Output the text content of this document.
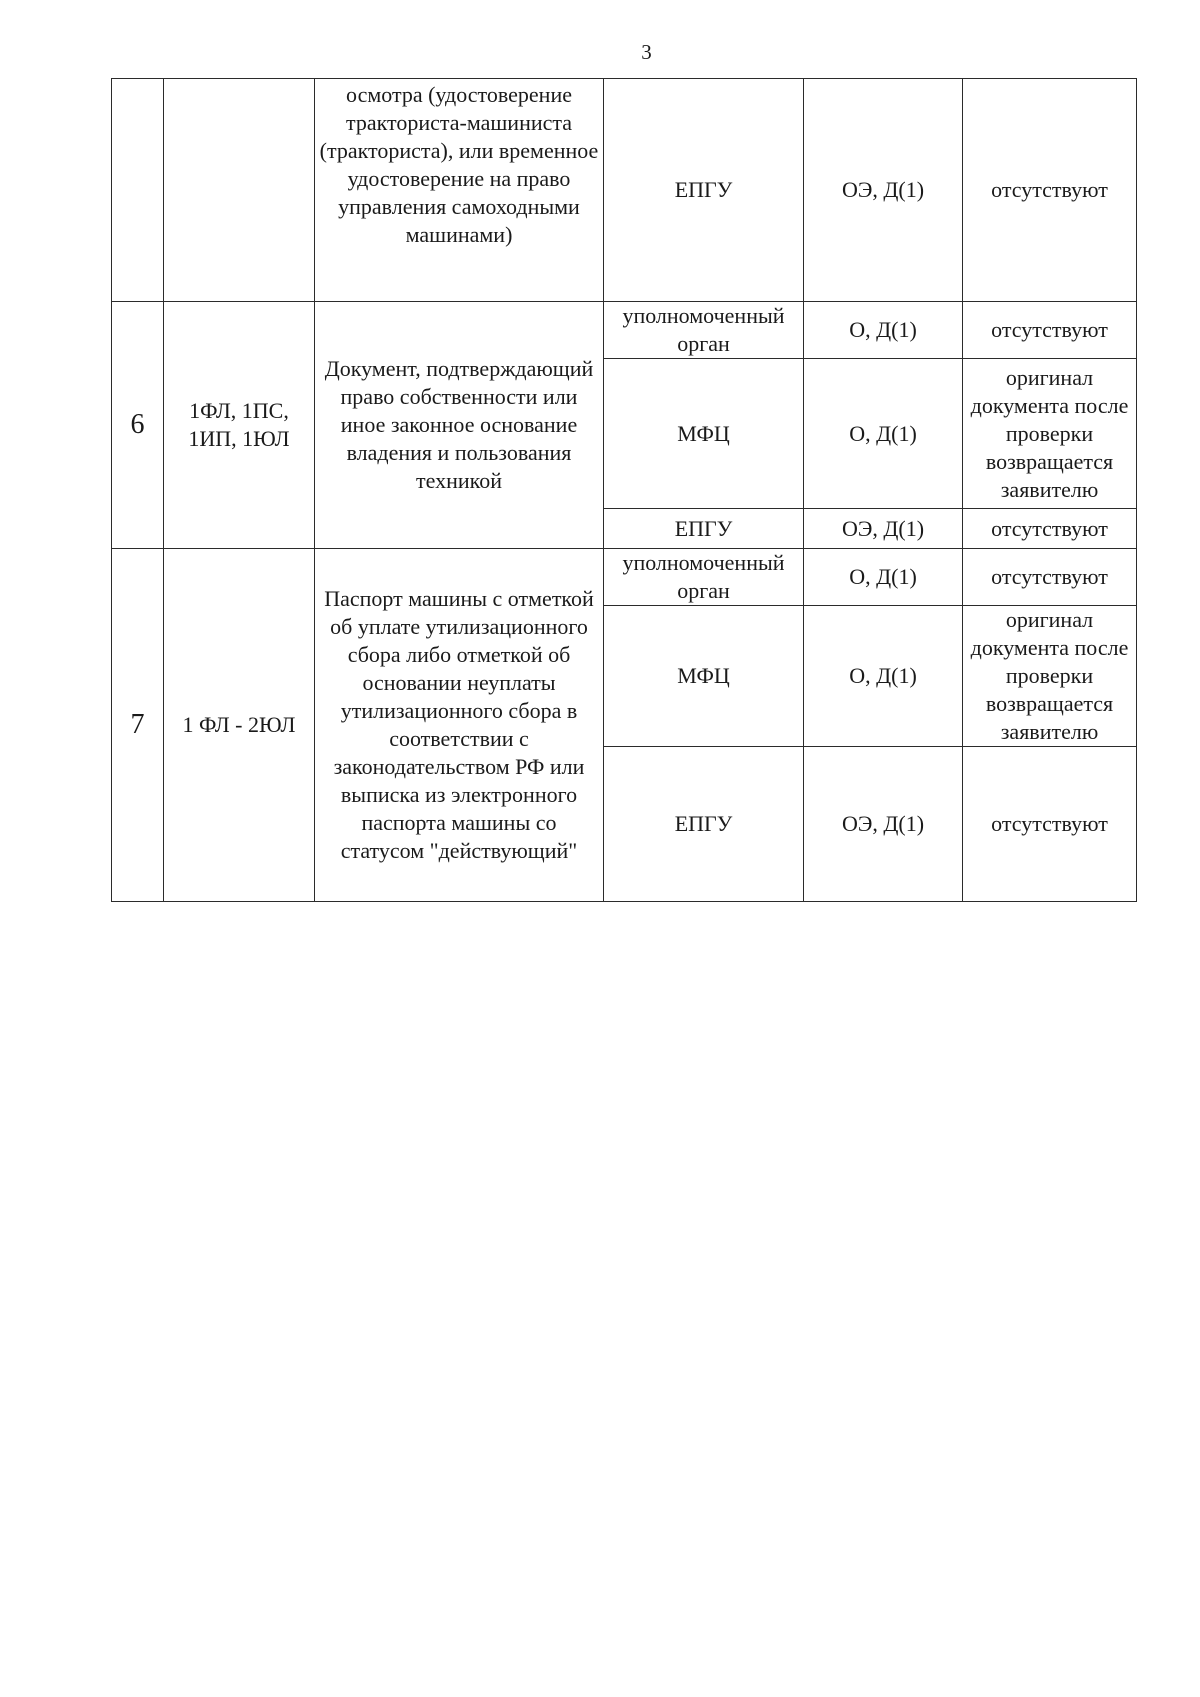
3
		осмотра (удостоверение тракториста-машиниста (тракториста), или временное удостоверение на право управления самоходными машинами)	ЕПГУ	ОЭ, Д(1)	отсутствуют
6	1ФЛ, 1ПС, 1ИП, 1ЮЛ	Документ, подтверждающий право собственности или иное законное основание владения и пользования техникой	уполномоченный орган	О, Д(1)	отсутствуют
			МФЦ	О, Д(1)	оригинал документа после проверки возвращается заявителю
			ЕПГУ	ОЭ, Д(1)	отсутствуют
7	1 ФЛ - 2ЮЛ	Паспорт машины с отметкой об уплате утилизационного сбора либо отметкой об основании неуплаты утилизационного сбора в соответствии с законодательством РФ или выписка из электронного паспорта машины со статусом "действующий"	уполномоченный орган	О, Д(1)	отсутствуют
			МФЦ	О, Д(1)	оригинал документа после проверки возвращается заявителю
			ЕПГУ	ОЭ, Д(1)	отсутствуют
